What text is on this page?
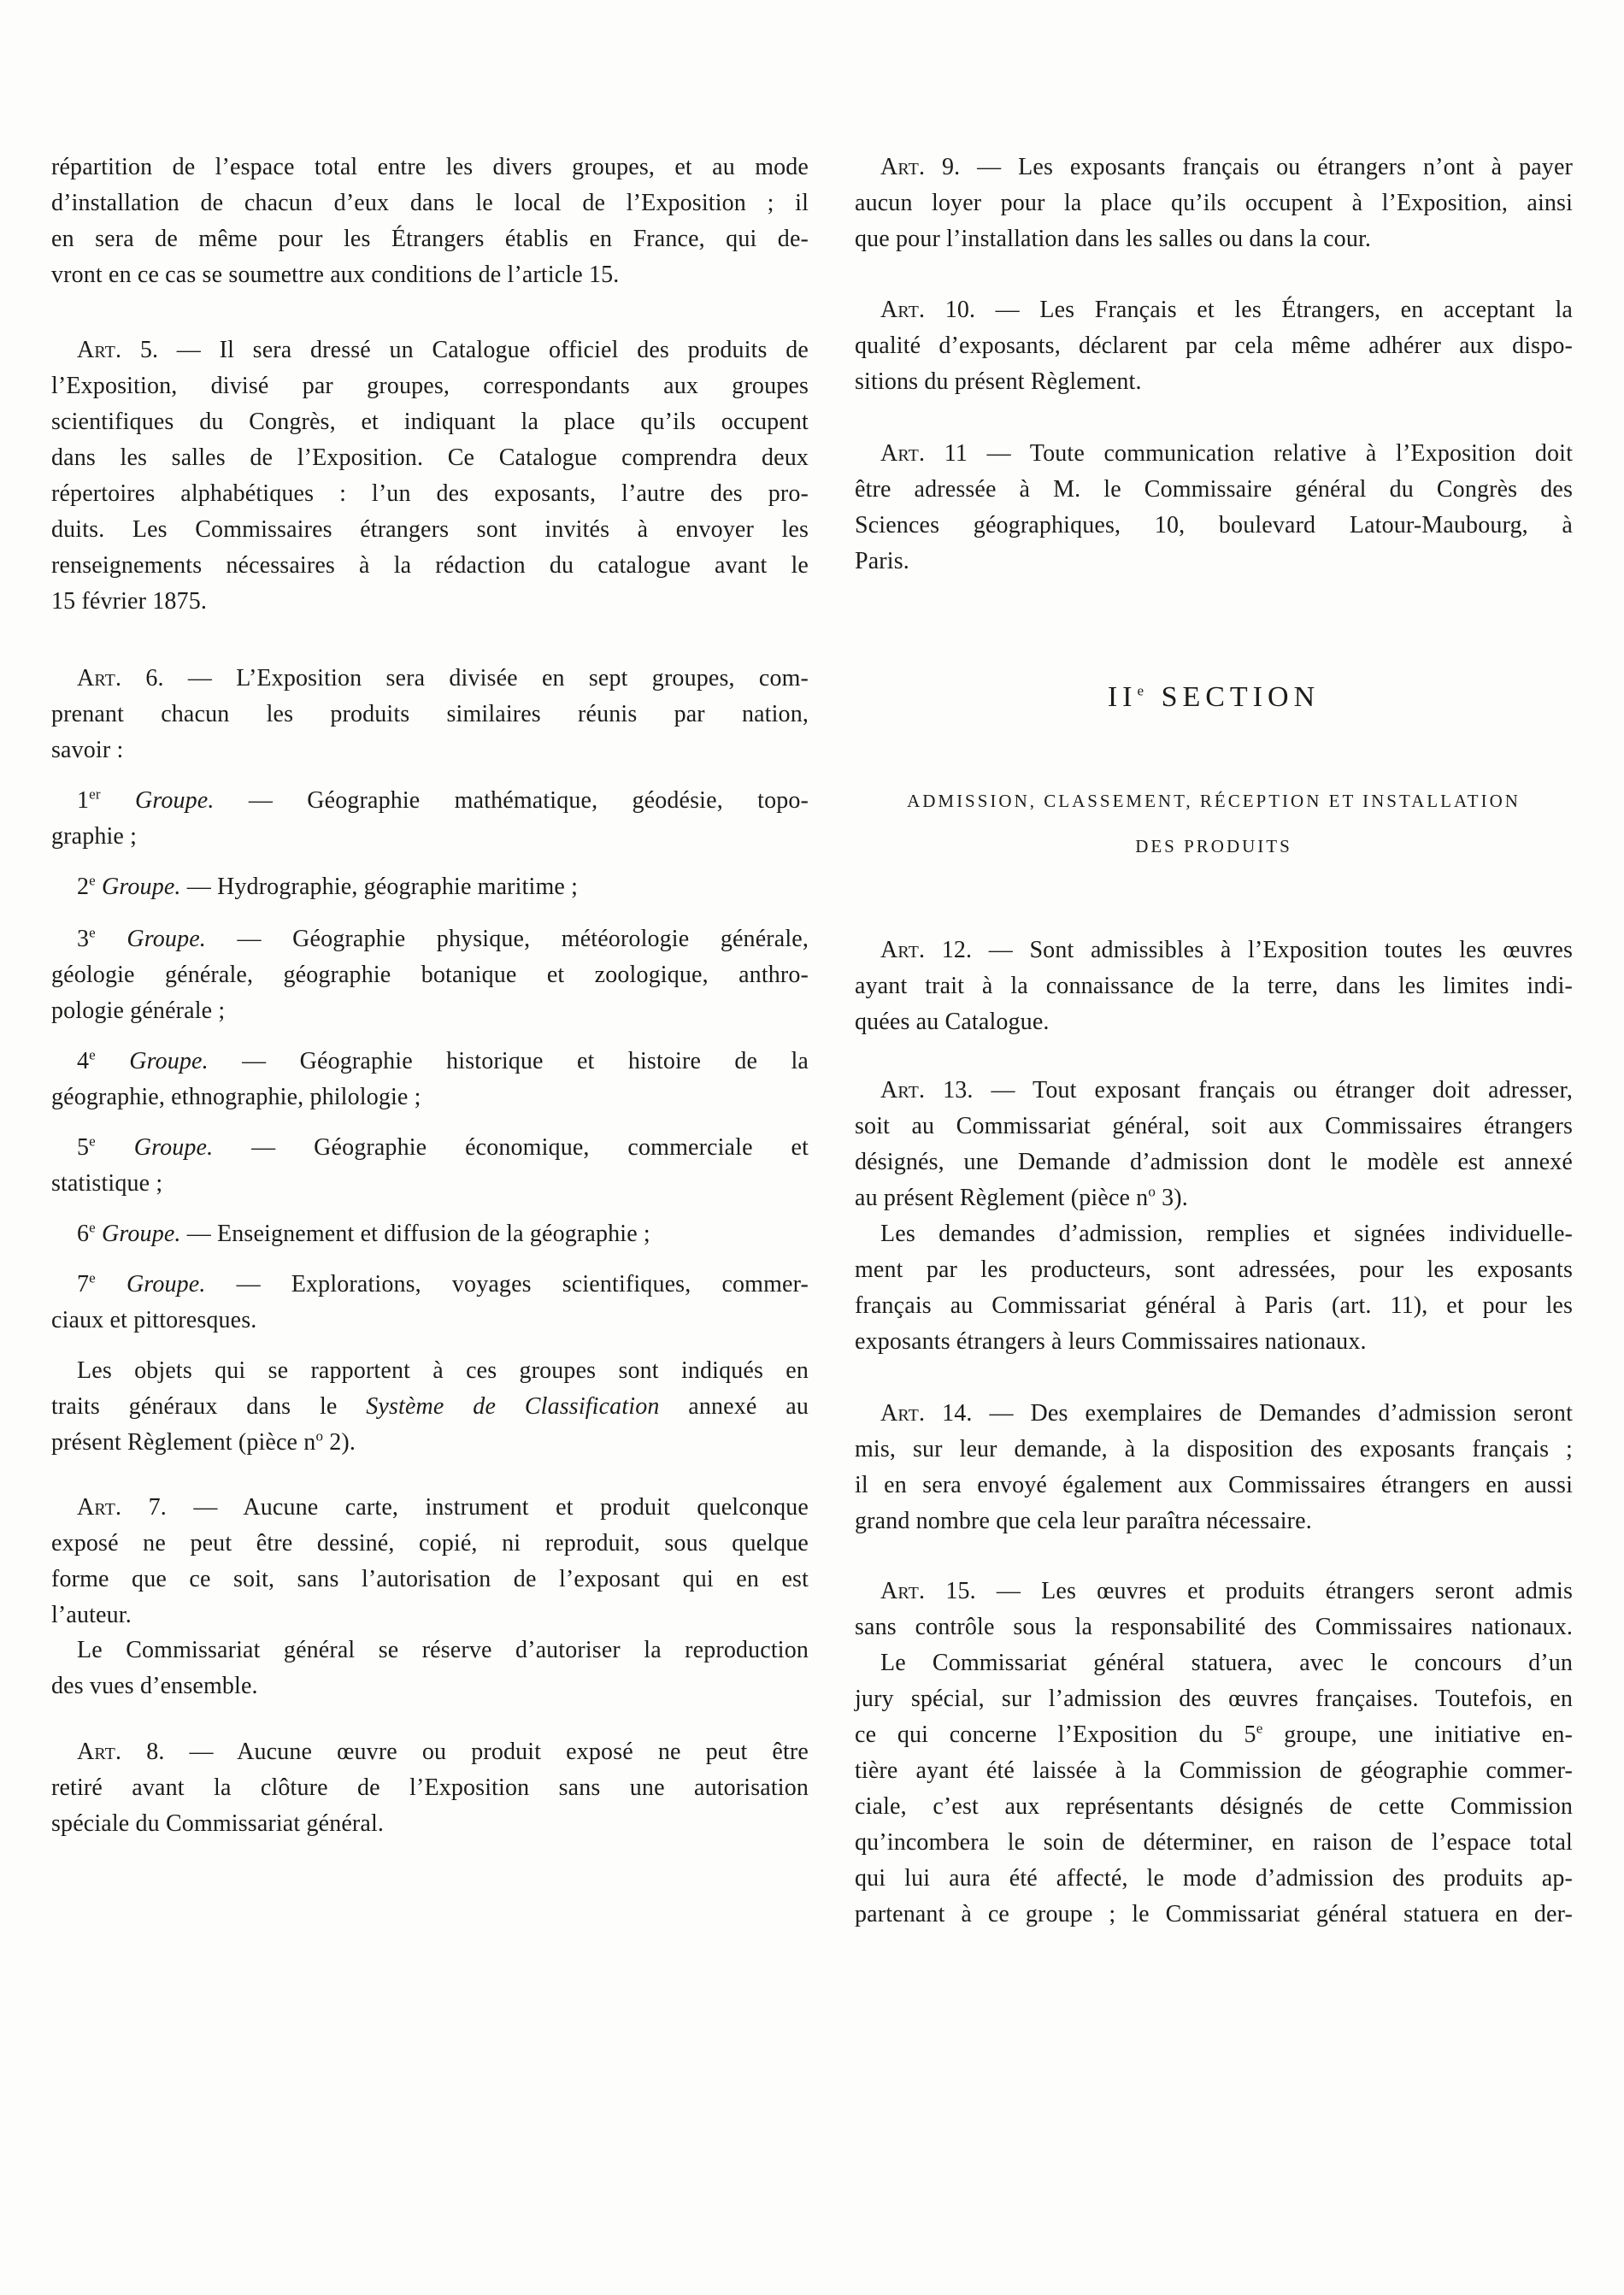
répartition de l’espace total entre les divers groupes, et au mode
d’installation de chacun d’eux dans le local de l’Exposition ; il
en sera de même pour les Étrangers établis en France, qui de-
vront en ce cas se soumettre aux conditions de l’article 15.
Art. 5. — Il sera dressé un Catalogue officiel des produits de
l’Exposition, divisé par groupes, correspondants aux groupes
scientifiques du Congrès, et indiquant la place qu’ils occupent
dans les salles de l’Exposition. Ce Catalogue comprendra deux
répertoires alphabétiques : l’un des exposants, l’autre des pro-
duits. Les Commissaires étrangers sont invités à envoyer les
renseignements nécessaires à la rédaction du catalogue avant le
15 février 1875.
Art. 6. — L’Exposition sera divisée en sept groupes, com-
prenant chacun les produits similaires réunis par nation,
savoir :
1er Groupe. — Géographie mathématique, géodésie, topo-
graphie ;
2e Groupe. — Hydrographie, géographie maritime ;
3e Groupe. — Géographie physique, météorologie générale,
géologie générale, géographie botanique et zoologique, anthro-
pologie générale ;
4e Groupe. — Géographie historique et histoire de la
géographie, ethnographie, philologie ;
5e Groupe. — Géographie économique, commerciale et
statistique ;
6e Groupe. — Enseignement et diffusion de la géographie ;
7e Groupe. — Explorations, voyages scientifiques, commer-
ciaux et pittoresques.
Les objets qui se rapportent à ces groupes sont indiqués en
traits généraux dans le Système de Classification annexé au
présent Règlement (pièce $n^o$ 2).
Art. 7. — Aucune carte, instrument et produit quelconque
exposé ne peut être dessiné, copié, ni reproduit, sous quelque
forme que ce soit, sans l’autorisation de l’exposant qui en est
l’auteur.
Le Commissariat général se réserve d’autoriser la reproduction
des vues d’ensemble.
Art. 8. — Aucune œuvre ou produit exposé ne peut être
retiré avant la clôture de l’Exposition sans une autorisation
spéciale du Commissariat général.
IIe SECTION
ADMISSION, CLASSEMENT, RÉCEPTION ET INSTALLATION
DES PRODUITS
Art. 9. — Les exposants français ou étrangers n’ont à payer
aucun loyer pour la place qu’ils occupent à l’Exposition, ainsi
que pour l’installation dans les salles ou dans la cour.
Art. 10. — Les Français et les Étrangers, en acceptant la
qualité d’exposants, déclarent par cela même adhérer aux dispo-
sitions du présent Règlement.
Art. 11 — Toute communication relative à l’Exposition doit
être adressée à M. le Commissaire général du Congrès des
Sciences géographiques, 10, boulevard Latour-Maubourg, à
Paris.
Art. 12. — Sont admissibles à l’Exposition toutes les œuvres
ayant trait à la connaissance de la terre, dans les limites indi-
quées au Catalogue.
Art. 13. — Tout exposant français ou étranger doit adresser,
soit au Commissariat général, soit aux Commissaires étrangers
désignés, une Demande d’admission dont le modèle est annexé
au présent Règlement (pièce $n^o$ 3).
Les demandes d’admission, remplies et signées individuelle-
ment par les producteurs, sont adressées, pour les exposants
français au Commissariat général à Paris (art. 11), et pour les
exposants étrangers à leurs Commissaires nationaux.
Art. 14. — Des exemplaires de Demandes d’admission seront
mis, sur leur demande, à la disposition des exposants français ;
il en sera envoyé également aux Commissaires étrangers en aussi
grand nombre que cela leur paraîtra nécessaire.
Art. 15. — Les œuvres et produits étrangers seront admis
sans contrôle sous la responsabilité des Commissaires nationaux.
Le Commissariat général statuera, avec le concours d’un
jury spécial, sur l’admission des œuvres françaises. Toutefois, en
ce qui concerne l’Exposition du 5e groupe, une initiative en-
tière ayant été laissée à la Commission de géographie commer-
ciale, c’est aux représentants désignés de cette Commission
qu’incombera le soin de déterminer, en raison de l’espace total
qui lui aura été affecté, le mode d’admission des produits ap-
partenant à ce groupe ; le Commissariat général statuera en der-
